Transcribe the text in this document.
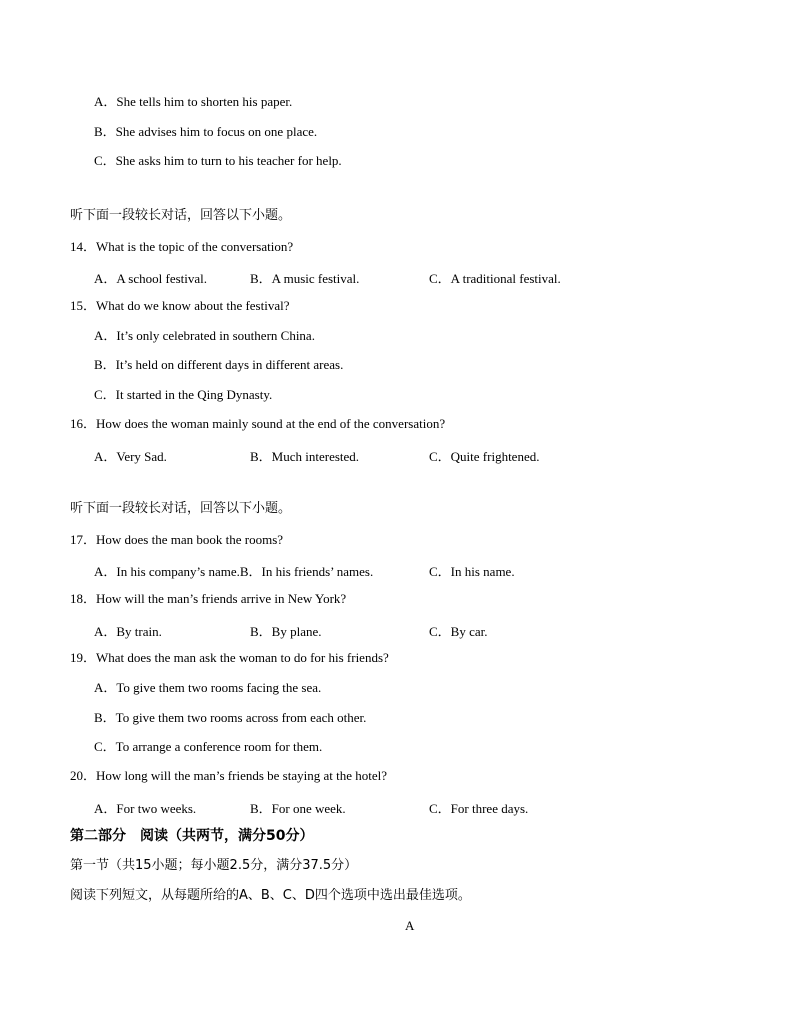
A．She tells him to shorten his paper.
B．She advises him to focus on one place.
C．She asks him to turn to his teacher for help.
听下面一段较长对话，回答以下小题。
14．What is the topic of the conversation?
A．A school festival.	B．A music festival.	C．A traditional festival.
15．What do we know about the festival?
A．It’s only celebrated in southern China.
B．It’s held on different days in different areas.
C．It started in the Qing Dynasty.
16．How does the woman mainly sound at the end of the conversation?
A．Very Sad.	B．Much interested.	C．Quite frightened.
听下面一段较长对话，回答以下小题。
17．How does the man book the rooms?
A．In his company’s name.B．In his friends’ names.	C．In his name.
18．How will the man’s friends arrive in New York?
A．By train.	B．By plane.	C．By car.
19．What does the man ask the woman to do for his friends?
A．To give them two rooms facing the sea.
B．To give them two rooms across from each other.
C．To arrange a conference room for them.
20．How long will the man’s friends be staying at the hotel?
A．For two weeks.	B．For one week.	C．For three days.
第二部分　阅读（共两节，满分50分）
第一节（共15小题；每小题2.5分，满分37.5分）
阅读下列短文，从每题所给的A、B、C、D四个选项中选出最佳选项。
A
